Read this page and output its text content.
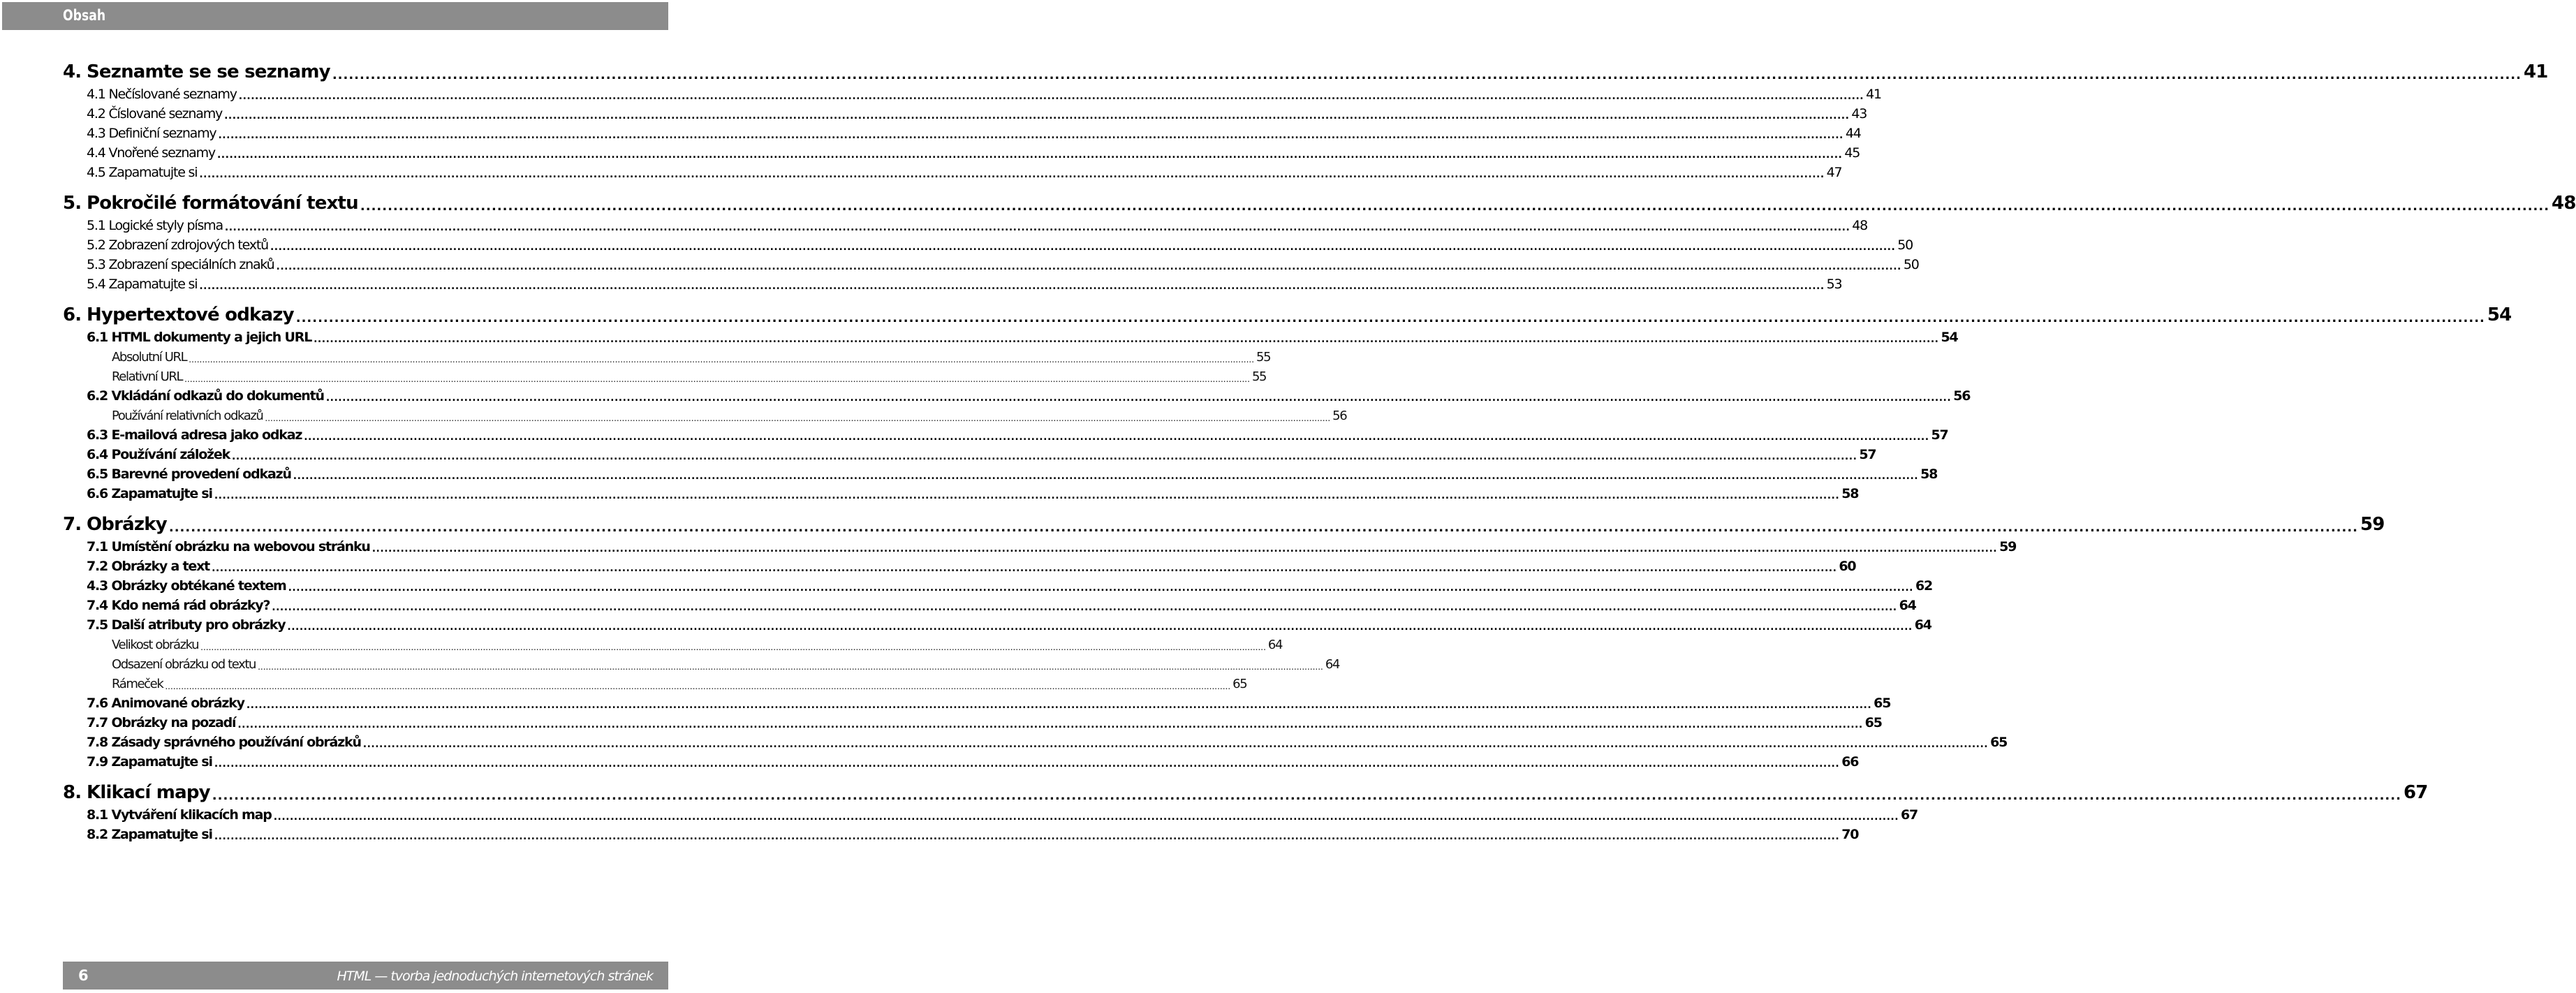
Obsah
4. Seznamte se se seznamy ................................................................................................................................................................................................................................................................................................................................................................................................................ 41
4.1 Nečíslované seznamy ................................................................................................................................................................................................................................................................................................................................................................................................................ 41
4.2 Číslované seznamy ................................................................................................................................................................................................................................................................................................................................................................................................................ 43
4.3 Definiční seznamy ................................................................................................................................................................................................................................................................................................................................................................................................................ 44
4.4 Vnořené seznamy ................................................................................................................................................................................................................................................................................................................................................................................................................ 45
4.5 Zapamatujte si ................................................................................................................................................................................................................................................................................................................................................................................................................ 47
5. Pokročilé formátování textu ................................................................................................................................................................................................................................................................................................................................................................................................................ 48
5.1 Logické styly písma ................................................................................................................................................................................................................................................................................................................................................................................................................ 48
5.2 Zobrazení zdrojových textů ................................................................................................................................................................................................................................................................................................................................................................................................................ 50
5.3 Zobrazení speciálních znaků ................................................................................................................................................................................................................................................................................................................................................................................................................ 50
5.4 Zapamatujte si ................................................................................................................................................................................................................................................................................................................................................................................................................ 53
6. Hypertextové odkazy ................................................................................................................................................................................................................................................................................................................................................................................................................ 54
6.1 HTML dokumenty a jejich URL ................................................................................................................................................................................................................................................................................................................................................................................................................ 54
Absolutní URL ................................................................................................................................................................................................................................................................................................................................................................................................................ 55
Relativní URL ................................................................................................................................................................................................................................................................................................................................................................................................................ 55
6.2 Vkládání odkazů do dokumentů ................................................................................................................................................................................................................................................................................................................................................................................................................ 56
Používání relativních odkazů ................................................................................................................................................................................................................................................................................................................................................................................................................ 56
6.3 E-mailová adresa jako odkaz ................................................................................................................................................................................................................................................................................................................................................................................................................ 57
6.4 Používání záložek ................................................................................................................................................................................................................................................................................................................................................................................................................ 57
6.5 Barevné provedení odkazů ................................................................................................................................................................................................................................................................................................................................................................................................................ 58
6.6 Zapamatujte si ................................................................................................................................................................................................................................................................................................................................................................................................................ 58
7. Obrázky ................................................................................................................................................................................................................................................................................................................................................................................................................ 59
7.1 Umístění obrázku na webovou stránku ................................................................................................................................................................................................................................................................................................................................................................................................................ 59
7.2 Obrázky a text ................................................................................................................................................................................................................................................................................................................................................................................................................ 60
4.3 Obrázky obtékané textem ................................................................................................................................................................................................................................................................................................................................................................................................................ 62
7.4 Kdo nemá rád obrázky? ................................................................................................................................................................................................................................................................................................................................................................................................................ 64
7.5 Další atributy pro obrázky ................................................................................................................................................................................................................................................................................................................................................................................................................ 64
Velikost obrázku ................................................................................................................................................................................................................................................................................................................................................................................................................ 64
Odsazení obrázku od textu ................................................................................................................................................................................................................................................................................................................................................................................................................ 64
Rámeček ................................................................................................................................................................................................................................................................................................................................................................................................................ 65
7.6 Animované obrázky ................................................................................................................................................................................................................................................................................................................................................................................................................ 65
7.7 Obrázky na pozadí ................................................................................................................................................................................................................................................................................................................................................................................................................ 65
7.8 Zásady správného používání obrázků ................................................................................................................................................................................................................................................................................................................................................................................................................ 65
7.9 Zapamatujte si ................................................................................................................................................................................................................................................................................................................................................................................................................ 66
8. Klikací mapy ................................................................................................................................................................................................................................................................................................................................................................................................................ 67
8.1 Vytváření klikacích map ................................................................................................................................................................................................................................................................................................................................................................................................................ 67
8.2 Zapamatujte si ................................................................................................................................................................................................................................................................................................................................................................................................................ 70
6	HTML — tvorba jednoduchých internetových stránek
